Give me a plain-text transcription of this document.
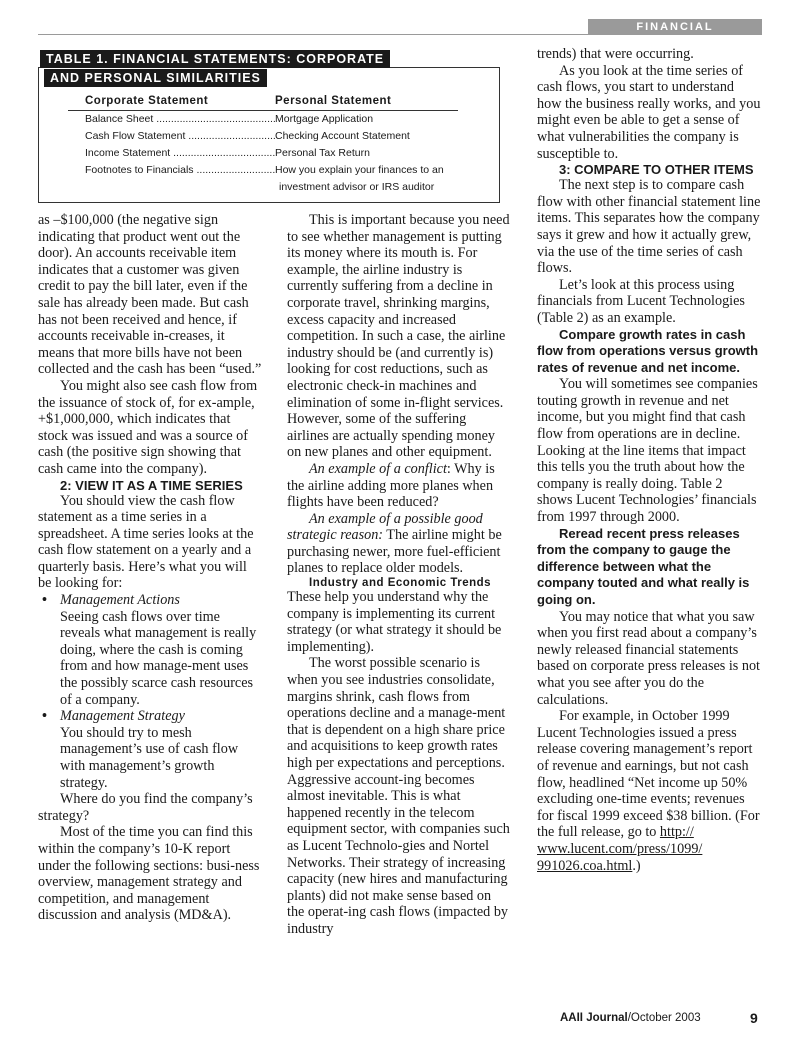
FINANCIAL STATEMENTS
TABLE 1. FINANCIAL STATEMENTS: CORPORATE
AND PERSONAL SIMILARITIES
Corporate Statement	Personal Statement
Balance Sheet .....	Mortgage Application
Cash Flow Statement .....	Checking Account Statement
Income Statement .....	Personal Tax Return
Footnotes to Financials .....	How you explain your finances to an
investment advisor or IRS auditor

as –$100,000 (the negative sign indicating that product went out the door). An accounts receivable item indicates that a customer was given credit to pay the bill later, even if the sale has already been made. But cash has not been received and hence, if accounts receivable in-creases, it means that more bills have not been collected and the cash has been “used.”

You might also see cash flow from the issuance of stock of, for ex-ample, +$1,000,000, which indicates that stock was issued and was a source of cash (the positive sign showing that cash came into the company).

2: VIEW IT AS A TIME SERIES

You should view the cash flow statement as a time series in a spreadsheet. A time series looks at the cash flow statement on a yearly and a quarterly basis. Here’s what you will be looking for:

• Management Actions
Seeing cash flows over time reveals what management is really doing, where the cash is coming from and how manage-ment uses the possibly scarce cash resources of a company.
• Management Strategy
You should try to mesh management’s use of cash flow with management’s growth strategy.

Where do you find the company’s strategy?

Most of the time you can find this within the company’s 10-K report under the following sections: busi-ness overview, management strategy and competition, and management discussion and analysis (MD&A).

This is important because you need to see whether management is putting its money where its mouth is. For example, the airline industry is currently suffering from a decline in corporate travel, shrinking margins, excess capacity and increased competition. In such a case, the airline industry should be (and currently is) looking for cost reductions, such as electronic check-in machines and elimination of some in-flight services. However, some of the suffering airlines are actually spending money on new planes and other equipment.

An example of a conflict: Why is the airline adding more planes when flights have been reduced?

An example of a possible good strategic reason: The airline might be purchasing newer, more fuel-efficient planes to replace older models.

Industry and Economic Trends

These help you understand why the company is implementing its current strategy (or what strategy it should be implementing).

The worst possible scenario is when you see industries consolidate, margins shrink, cash flows from operations decline and a manage-ment that is dependent on a high share price and acquisitions to keep growth rates high per expectations and perceptions. Aggressive account-ing becomes almost inevitable. This is what happened recently in the telecom equipment sector, with companies such as Lucent Technolo-gies and Nortel Networks. Their strategy of increasing capacity (new hires and manufacturing plants) did not make sense based on the operat-ing cash flows (impacted by industry

trends) that were occurring.

As you look at the time series of cash flows, you start to understand how the business really works, and you might even be able to get a sense of what vulnerabilities the company is susceptible to.

3: COMPARE TO OTHER ITEMS

The next step is to compare cash flow with other financial statement line items. This separates how the company says it grew and how it actually grew, via the use of the time series of cash flows.

Let’s look at this process using financials from Lucent Technologies (Table 2) as an example.

Compare growth rates in cash flow from operations versus growth rates of revenue and net income.

You will sometimes see companies touting growth in revenue and net income, but you might find that cash flow from operations are in decline. Looking at the line items that impact this tells you the truth about how the company is really doing. Table 2 shows Lucent Technologies’ financials from 1997 through 2000.

Reread recent press releases from the company to gauge the difference between what the company touted and what really is going on.

You may notice that what you saw when you first read about a company’s newly released financial statements based on corporate press releases is not what you see after you do the calculations.

For example, in October 1999 Lucent Technologies issued a press release covering management’s report of revenue and earnings, but not cash flow, headlined “Net income up 50% excluding one-time events; revenues for fiscal 1999 exceed $38 billion. (For the full release, go to http:// www.lucent.com/press/1099/ 991026.coa.html.)

AAII Journal/October 2003	9
